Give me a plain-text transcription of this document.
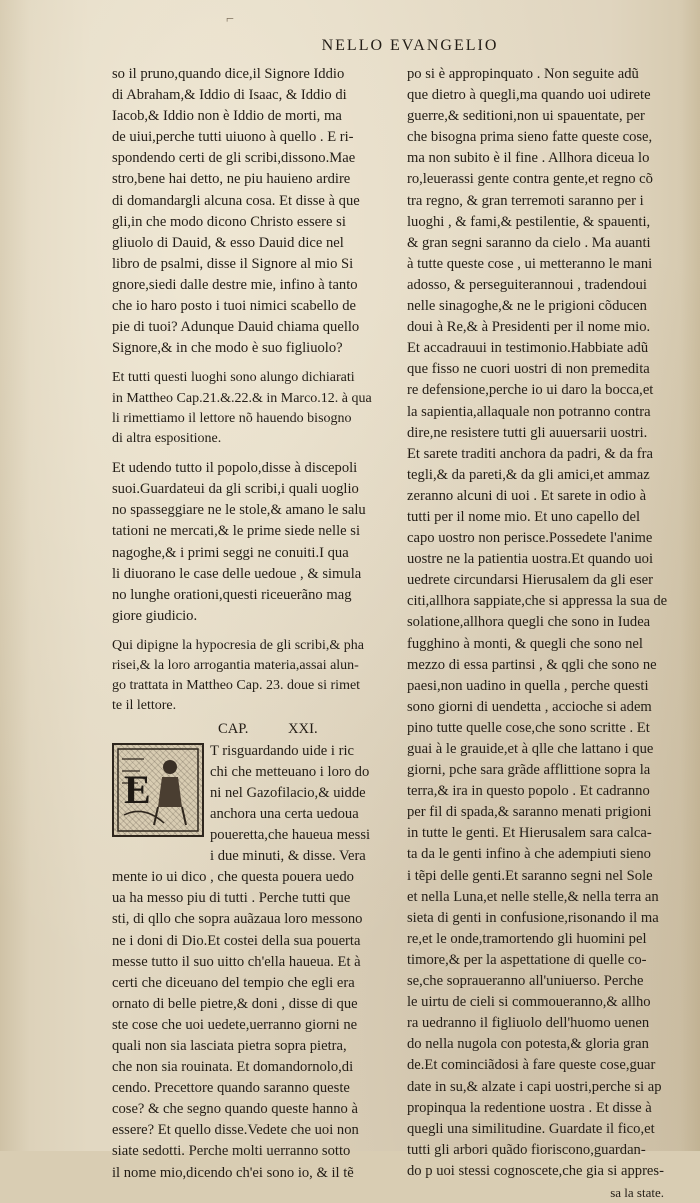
⌐
NELLO EVANGELIO
so il pruno,quando dice,il Signore Iddio
di Abraham,& Iddio di Isaac, & Iddio di
Iacob,& Iddio non è Iddio de morti, ma
de uiui,perche tutti uiuono à quello . E ri-
spondendo certi de gli scribi,dissono.Mae
stro,bene hai detto, ne piu hauieno ardire
di domandargli alcuna cosa. Et disse à que
gli,in che modo dicono Christo essere si
gliuolo di Dauid, & esso Dauid dice nel
libro de psalmi, disse il Signore al mio Si
gnore,siedi dalle destre mie, infino à tanto
che io haro posto i tuoi nimici scabello de
pie di tuoi? Adunque Dauid chiama quello
Signore,& in che modo è suo figliuolo?
Et tutti questi luoghi sono alungo dichiarati
in Mattheo Cap.21.&.22.& in Marco.12. à qua
li rimettiamo il lettore nõ hauendo bisogno
di altra espositione.
Et udendo tutto il popolo,disse à discepoli
suoi.Guardateui da gli scribi,i quali uoglio
no spasseggiare ne le stole,& amano le salu
tationi ne mercati,& le prime siede nelle si
nagoghe,& i primi seggi ne conuiti.I qua
li diuorano le case delle uedoue , & simula
no lunghe orationi,questi riceuerãno mag
giore giudicio.
Qui dipigne la hypocresia de gli scribi,& pha
risei,& la loro arrogantia materia,assai alun-
go trattata in Mattheo Cap. 23. doue si rimet
te il lettore.
CAP.	XXI.
E
T risguardando uide i ric
chi che metteuano i loro do
ni nel Gazofilacio,& uidde
anchora una certa uedoua
poueretta,che haueua messi
i due minuti, & disse. Vera
mente io ui dico , che questa pouera uedo
ua ha messo piu di tutti . Perche tutti que
sti, di qllo che sopra auãzaua loro messono
ne i doni di Dio.Et costei della sua pouerta
messe tutto il suo uitto ch'ella haueua. Et à
certi che diceuano del tempio che egli era
ornato di belle pietre,& doni , disse di que
ste cose che uoi uedete,uerranno giorni ne
quali non sia lasciata pietra sopra pietra,
che non sia rouinata. Et domandornolo,di
cendo. Precettore quando saranno queste
cose? & che segno quando queste hanno à
essere? Et quello disse.Vedete che uoi non
siate sedotti. Perche molti uerranno sotto
il nome mio,dicendo ch'ei sono io, & il tẽ
po si è appropinquato . Non seguite adũ
que dietro à quegli,ma quando uoi udirete
guerre,& seditioni,non ui spauentate, per
che bisogna prima sieno fatte queste cose,
ma non subito è il fine . Allhora diceua lo
ro,leuerassi gente contra gente,et regno cõ
tra regno, & gran terremoti saranno per i
luoghi , & fami,& pestilentie, & spauenti,
& gran segni saranno da cielo . Ma auanti
à tutte queste cose , ui metteranno le mani
adosso, & perseguiterannoui , tradendoui
nelle sinagoghe,& ne le prigioni cõducen
doui à Re,& à Presidenti per il nome mio.
Et accadrauui in testimonio.Habbiate adũ
que fisso ne cuori uostri di non premedita
re defensione,perche io ui daro la bocca,et
la sapientia,allaquale non potranno contra
dire,ne resistere tutti gli auuersarii uostri.
Et sarete traditi anchora da padri, & da fra
tegli,& da pareti,& da gli amici,et ammaz
zeranno alcuni di uoi . Et sarete in odio à
tutti per il nome mio. Et uno capello del
capo uostro non perisce.Possedete l'anime
uostre ne la patientia uostra.Et quando uoi
uedrete circundarsi Hierusalem da gli eser
citi,allhora sappiate,che si appressa la sua de
solatione,allhora quegli che sono in Iudea
fugghino à monti, & quegli che sono nel
mezzo di essa partinsi , & qgli che sono ne
paesi,non uadino in quella , perche questi
sono giorni di uendetta , accioche si adem
pino tutte quelle cose,che sono scritte . Et
guai à le grauide,et à qlle che lattano i que
giorni, pche sara grãde afflittione sopra la
terra,& ira in questo popolo . Et cadranno
per fil di spada,& saranno menati prigioni
in tutte le genti. Et Hierusalem sara calca-
ta da le genti infino à che adempiuti sieno
i tẽpi delle genti.Et saranno segni nel Sole
et nella Luna,et nelle stelle,& nella terra an
sieta di genti in confusione,risonando il ma
re,et le onde,tramortendo gli huomini pel
timore,& per la aspettatione di quelle co-
se,che sopraueranno all'uniuerso. Perche
le uirtu de cieli si commoueranno,& allho
ra uedranno il figliuolo dell'huomo uenen
do nella nugola con potesta,& gloria gran
de.Et cominciãdosi à fare queste cose,guar
date in su,& alzate i capi uostri,perche si ap
propinqua la redentione uostra . Et disse à
quegli una similitudine. Guardate il fico,et
tutti gli arbori quãdo fioriscono,guardan-
do p uoi stessi cognoscete,che gia si appres-
sa la state.
